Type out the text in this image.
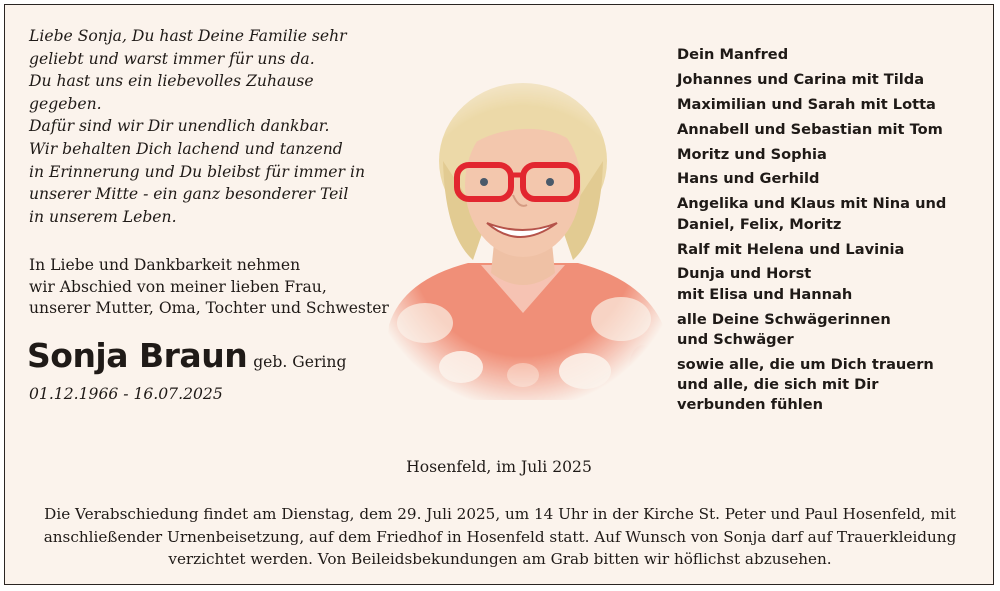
Liebe Sonja, Du hast Deine Familie sehr
geliebt und warst immer für uns da.
Du hast uns ein liebevolles Zuhause gegeben.
Dafür sind wir Dir unendlich dankbar.
Wir behalten Dich lachend und tanzend
in Erinnerung und Du bleibst für immer in
unserer Mitte - ein ganz besonderer Teil
in unserem Leben.
In Liebe und Dankbarkeit nehmen
wir Abschied von meiner lieben Frau,
unserer Mutter, Oma, Tochter und Schwester
Sonja Braun geb. Gering
01.12.1966 - 16.07.2025
Dein Manfred
Johannes und Carina mit Tilda
Maximilian und Sarah mit Lotta
Annabell und Sebastian mit Tom
Moritz und Sophia
Hans und Gerhild
Angelika und Klaus mit Nina und
Daniel, Felix, Moritz
Ralf mit Helena und Lavinia
Dunja und Horst
mit Elisa und Hannah
alle Deine Schwägerinnen
und Schwäger
sowie alle, die um Dich trauern
und alle, die sich mit Dir
verbunden fühlen
Hosenfeld, im Juli 2025
Die Verabschiedung findet am Dienstag, dem 29. Juli 2025, um 14 Uhr in der Kirche St. Peter und Paul Hosenfeld, mit anschließender Urnenbeisetzung, auf dem Friedhof in Hosenfeld statt. Auf Wunsch von Sonja darf auf Trauerkleidung verzichtet werden. Von Beileidsbekundungen am Grab bitten wir höflichst abzusehen.
